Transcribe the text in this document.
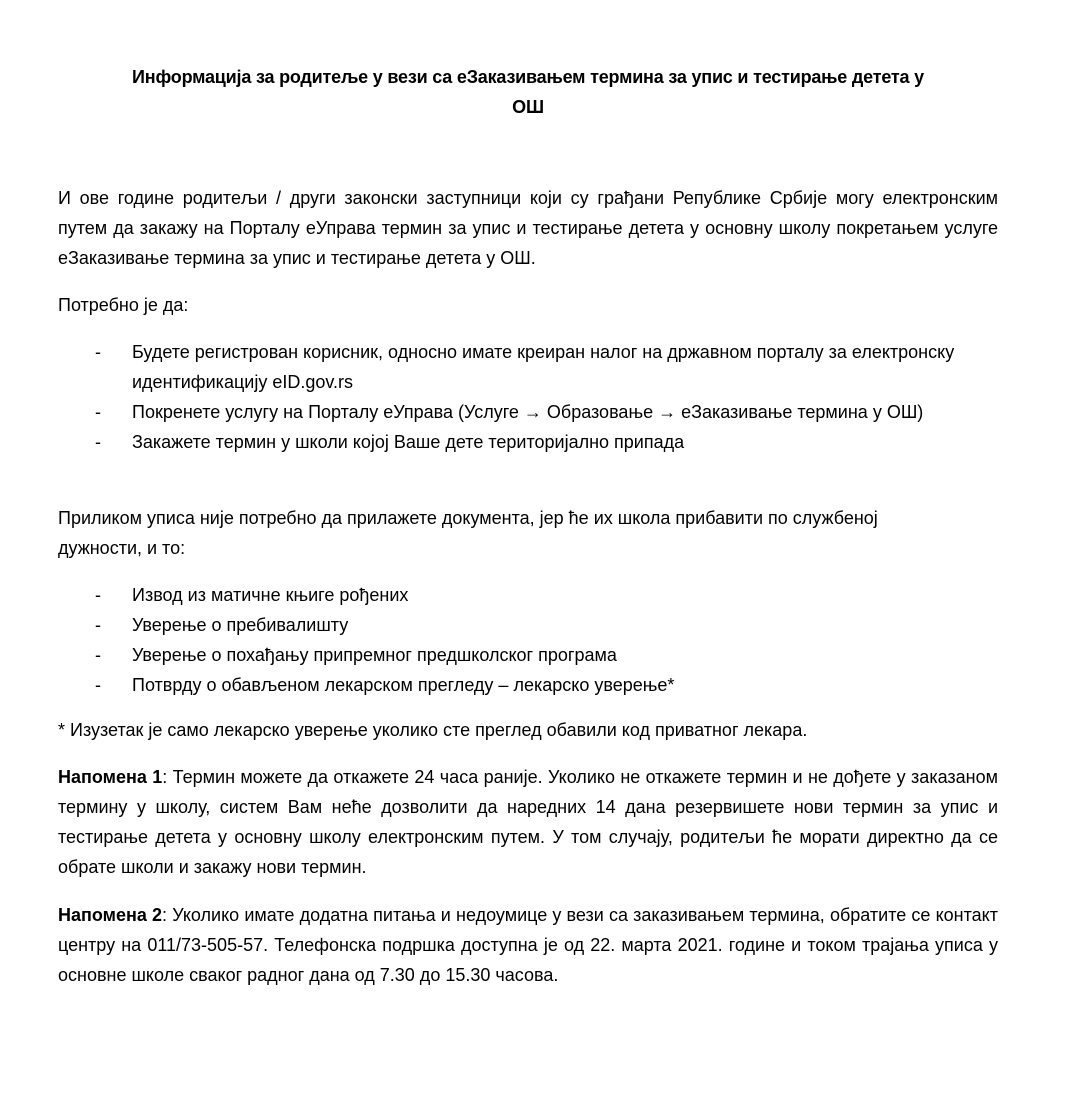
Информација за родитеље у вези са еЗаказивањем термина за упис и тестирање детета у
ОШ

И ове године родитељи / други законски заступници који су грађани Републике Србије могу електронским путем да закажу на Порталу еУправа термин за упис и тестирање детета у основну школу покретањем услуге еЗаказивање термина за упис и тестирање детета у ОШ.

Потребно је да:

- Будете регистрован корисник, односно имате креиран налог на државном порталу за електронску идентификацију eID.gov.rs
- Покренете услугу на Порталу еУправа (Услуге → Образовање → еЗаказивање термина у ОШ)
- Закажете термин у школи којој Ваше дете територијално припада

Приликом уписа није потребно да прилажете документа, јер ће их школа прибавити по службеној дужности, и то:

- Извод из матичне књиге рођених
- Уверење о пребивалишту
- Уверење о похађању припремног предшколског програма
- Потврду о обављеном лекарском прегледу – лекарско уверење*

* Изузетак је само лекарско уверење уколико сте преглед обавили код приватног лекара.

Напомена 1: Термин можете да откажете 24 часа раније. Уколико не откажете термин и не дођете у заказаном термину у школу, систем Вам неће дозволити да наредних 14 дана резервишете нови термин за упис и тестирање детета у основну школу електронским путем. У том случају, родитељи ће морати директно да се обрате школи и закажу нови термин.

Напомена 2: Уколико имате додатна питања и недоумице у вези са заказивањем термина, обратите се контакт центру на 011/73-505-57. Телефонска подршка доступна је од 22. марта 2021. године и током трајања уписа у основне школе сваког радног дана од 7.30 до 15.30 часова.
